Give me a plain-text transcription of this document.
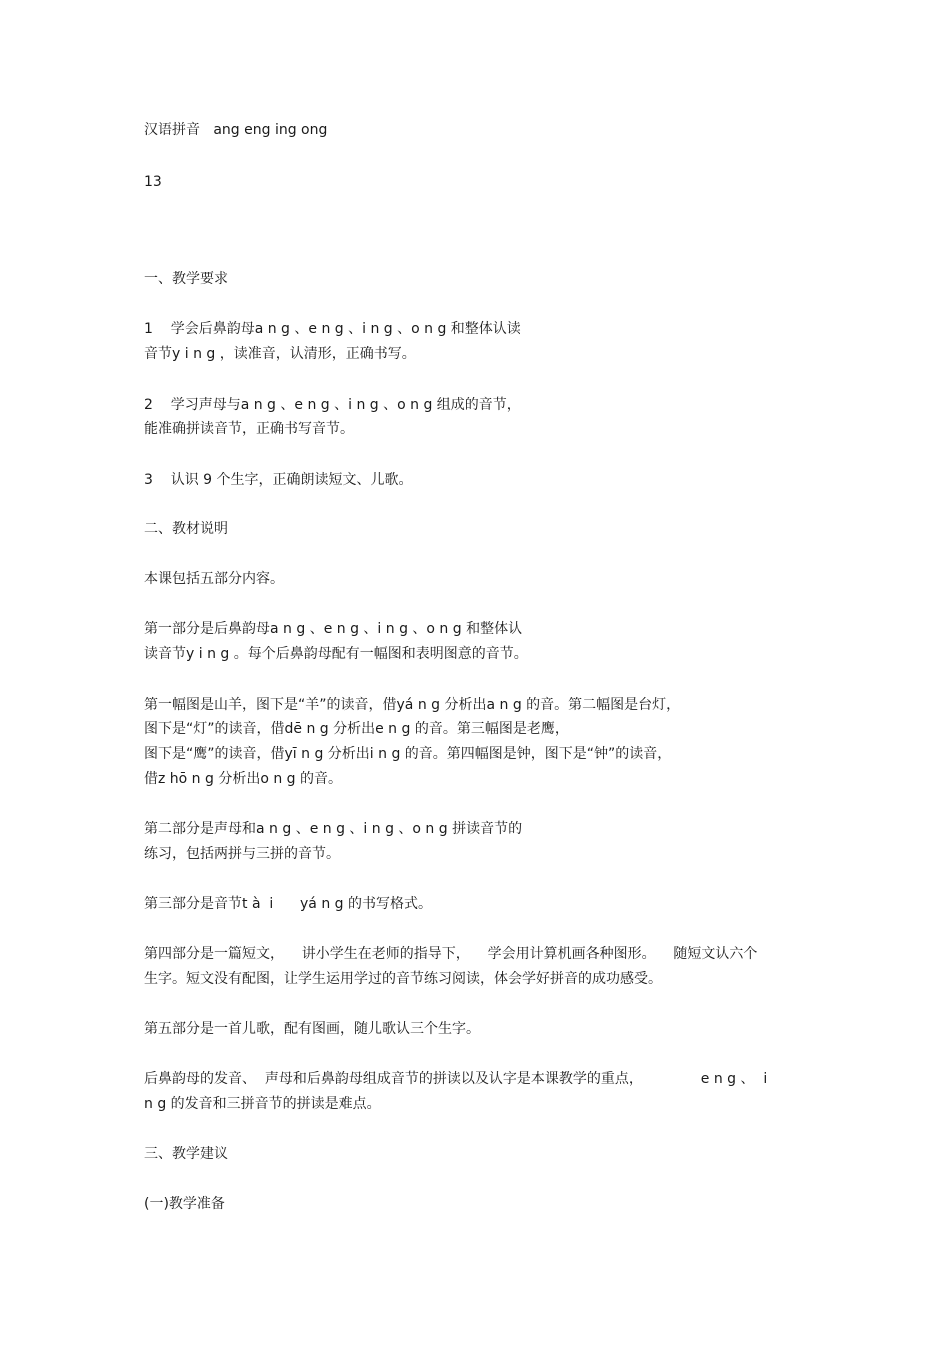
汉语拼音   ang eng ing ong
13
一、教学要求
1    学会后鼻韵母a n g 、e n g 、i n g 、o n g 和整体认读
音节y i n g ，读准音，认清形，正确书写。
2    学习声母与a n g 、e n g 、i n g 、o n g 组成的音节，
能准确拼读音节，正确书写音节。
3    认识 9 个生字，正确朗读短文、儿歌。
二、教材说明
本课包括五部分内容。
第一部分是后鼻韵母a n g 、e n g 、i n g 、o n g 和整体认
读音节y i n g 。每个后鼻韵母配有一幅图和表明图意的音节。
第一幅图是山羊，图下是“羊”的读音，借yá n g 分析出a n g 的音。第二幅图是台灯，
图下是“灯”的读音，借dē n g 分析出e n g 的音。第三幅图是老鹰，
图下是“鹰”的读音，借yī n g 分析出i n g 的音。第四幅图是钟，图下是“钟”的读音，
借z hō n g 分析出o n g 的音。
第二部分是声母和a n g 、e n g 、i n g 、o n g 拼读音节的
练习，包括两拼与三拼的音节。
第三部分是音节t à  i      yá n g 的书写格式。
第四部分是一篇短文，    讲小学生在老师的指导下，    学会用计算机画各种图形。    随短文认六个
生字。短文没有配图，让学生运用学过的音节练习阅读，体会学好拼音的成功感受。
第五部分是一首儿歌，配有图画，随儿歌认三个生字。
后鼻韵母的发音、  声母和后鼻韵母组成音节的拼读以及认字是本课教学的重点，             e n g 、  i
n g 的发音和三拼音节的拼读是难点。
三、教学建议
(一)教学准备
